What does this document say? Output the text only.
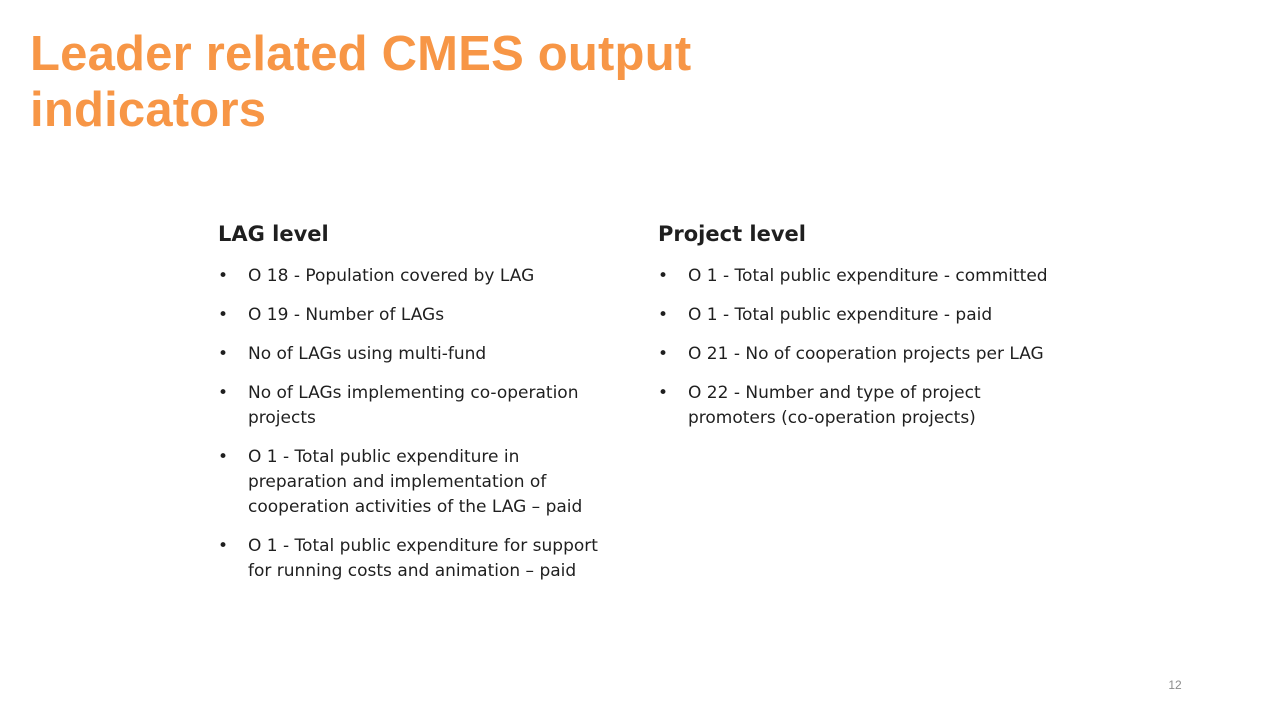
Leader related CMES output
indicators
LAG level
• O 18 - Population covered by LAG
• O 19 - Number of LAGs
• No of LAGs using multi-fund
• No of LAGs implementing co-operation projects
• O 1 - Total public expenditure in preparation and implementation of cooperation activities of the LAG – paid
• O 1 - Total public expenditure for support for running costs and animation – paid
Project level
• O 1 - Total public expenditure - committed
• O 1 - Total public expenditure - paid
• O 21 - No of cooperation projects per LAG
• O 22 - Number and type of project promoters (co-operation projects)
12
